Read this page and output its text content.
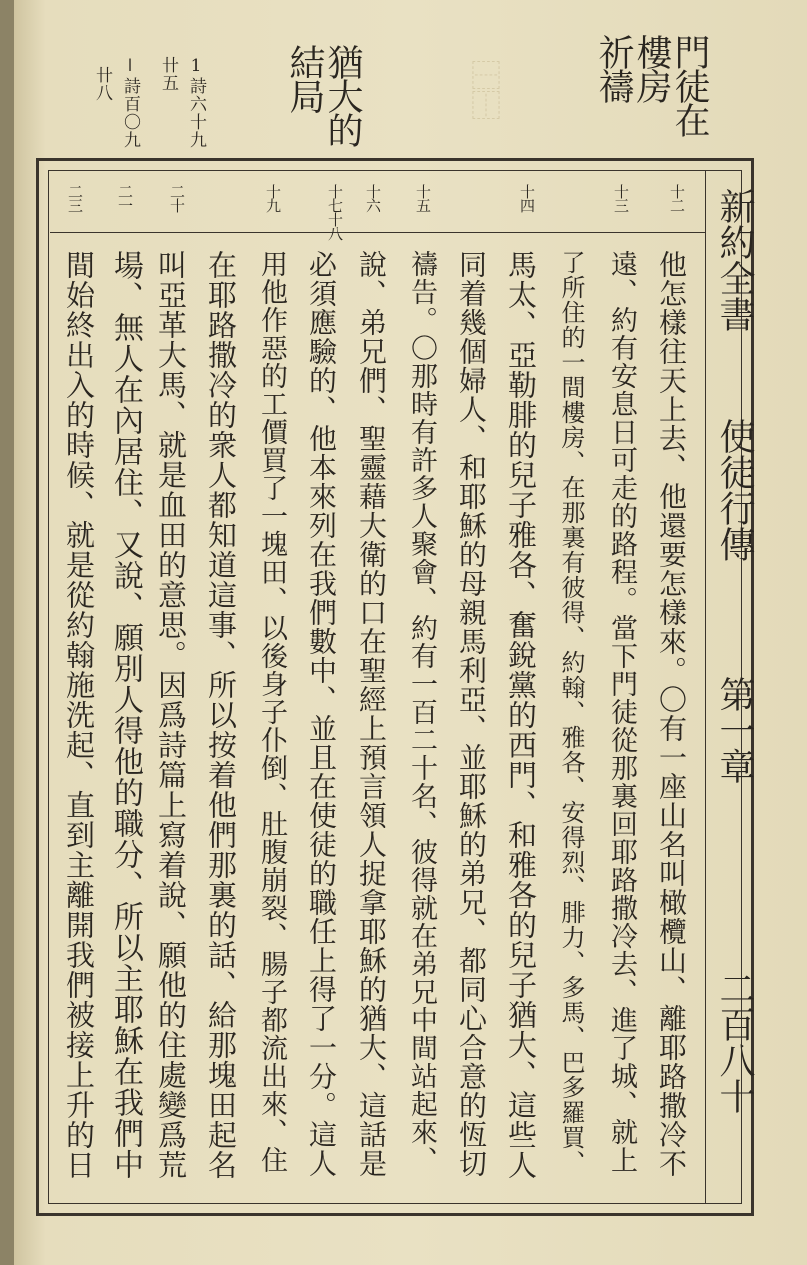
⿱⿰	門徒在
樓房
祈禱
猶大的
結局
1詩六十九
卄五
ǀ詩百〇九
卄八
新約全書
使徒行傳
第一章
二百八十
十二
十三
十四
十五
十六
十七十八
十九
二十
二一
二三
他怎樣往天上去、他還要怎樣來。〇有一座山名叫橄欖山、離耶路撒冷不
遠、約有安息日可走的路程。當下門徒從那裏回耶路撒冷去、進了城、就上
了所住的一間樓房、在那裏有彼得、約翰、雅各、安得烈、腓力、多馬、巴多羅買、
馬太、亞勒腓的兒子雅各、奮銳黨的西門、和雅各的兒子猶大、這些人
同着幾個婦人、和耶穌的母親馬利亞、並耶穌的弟兄、都同心合意的恆切
禱告。〇那時有許多人聚會、約有一百二十名、彼得就在弟兄中間站起來、
說、弟兄們、聖靈藉大衛的口在聖經上預言領人捉拿耶穌的猶大、這話是
必須應驗的、他本來列在我們數中、並且在使徒的職任上得了一分。這人
用他作惡的工價買了一塊田、以後身子仆倒、肚腹崩裂、腸子都流出來、住
在耶路撒冷的衆人都知道這事、所以按着他們那裏的話、給那塊田起名
叫亞革大馬、就是血田的意思。因爲詩篇上寫着說、願他的住處變爲荒
場、無人在內居住、又說、願別人得他的職分、所以主耶穌在我們中
間始終出入的時候、就是從約翰施洗起、直到主離開我們被接上升的日
